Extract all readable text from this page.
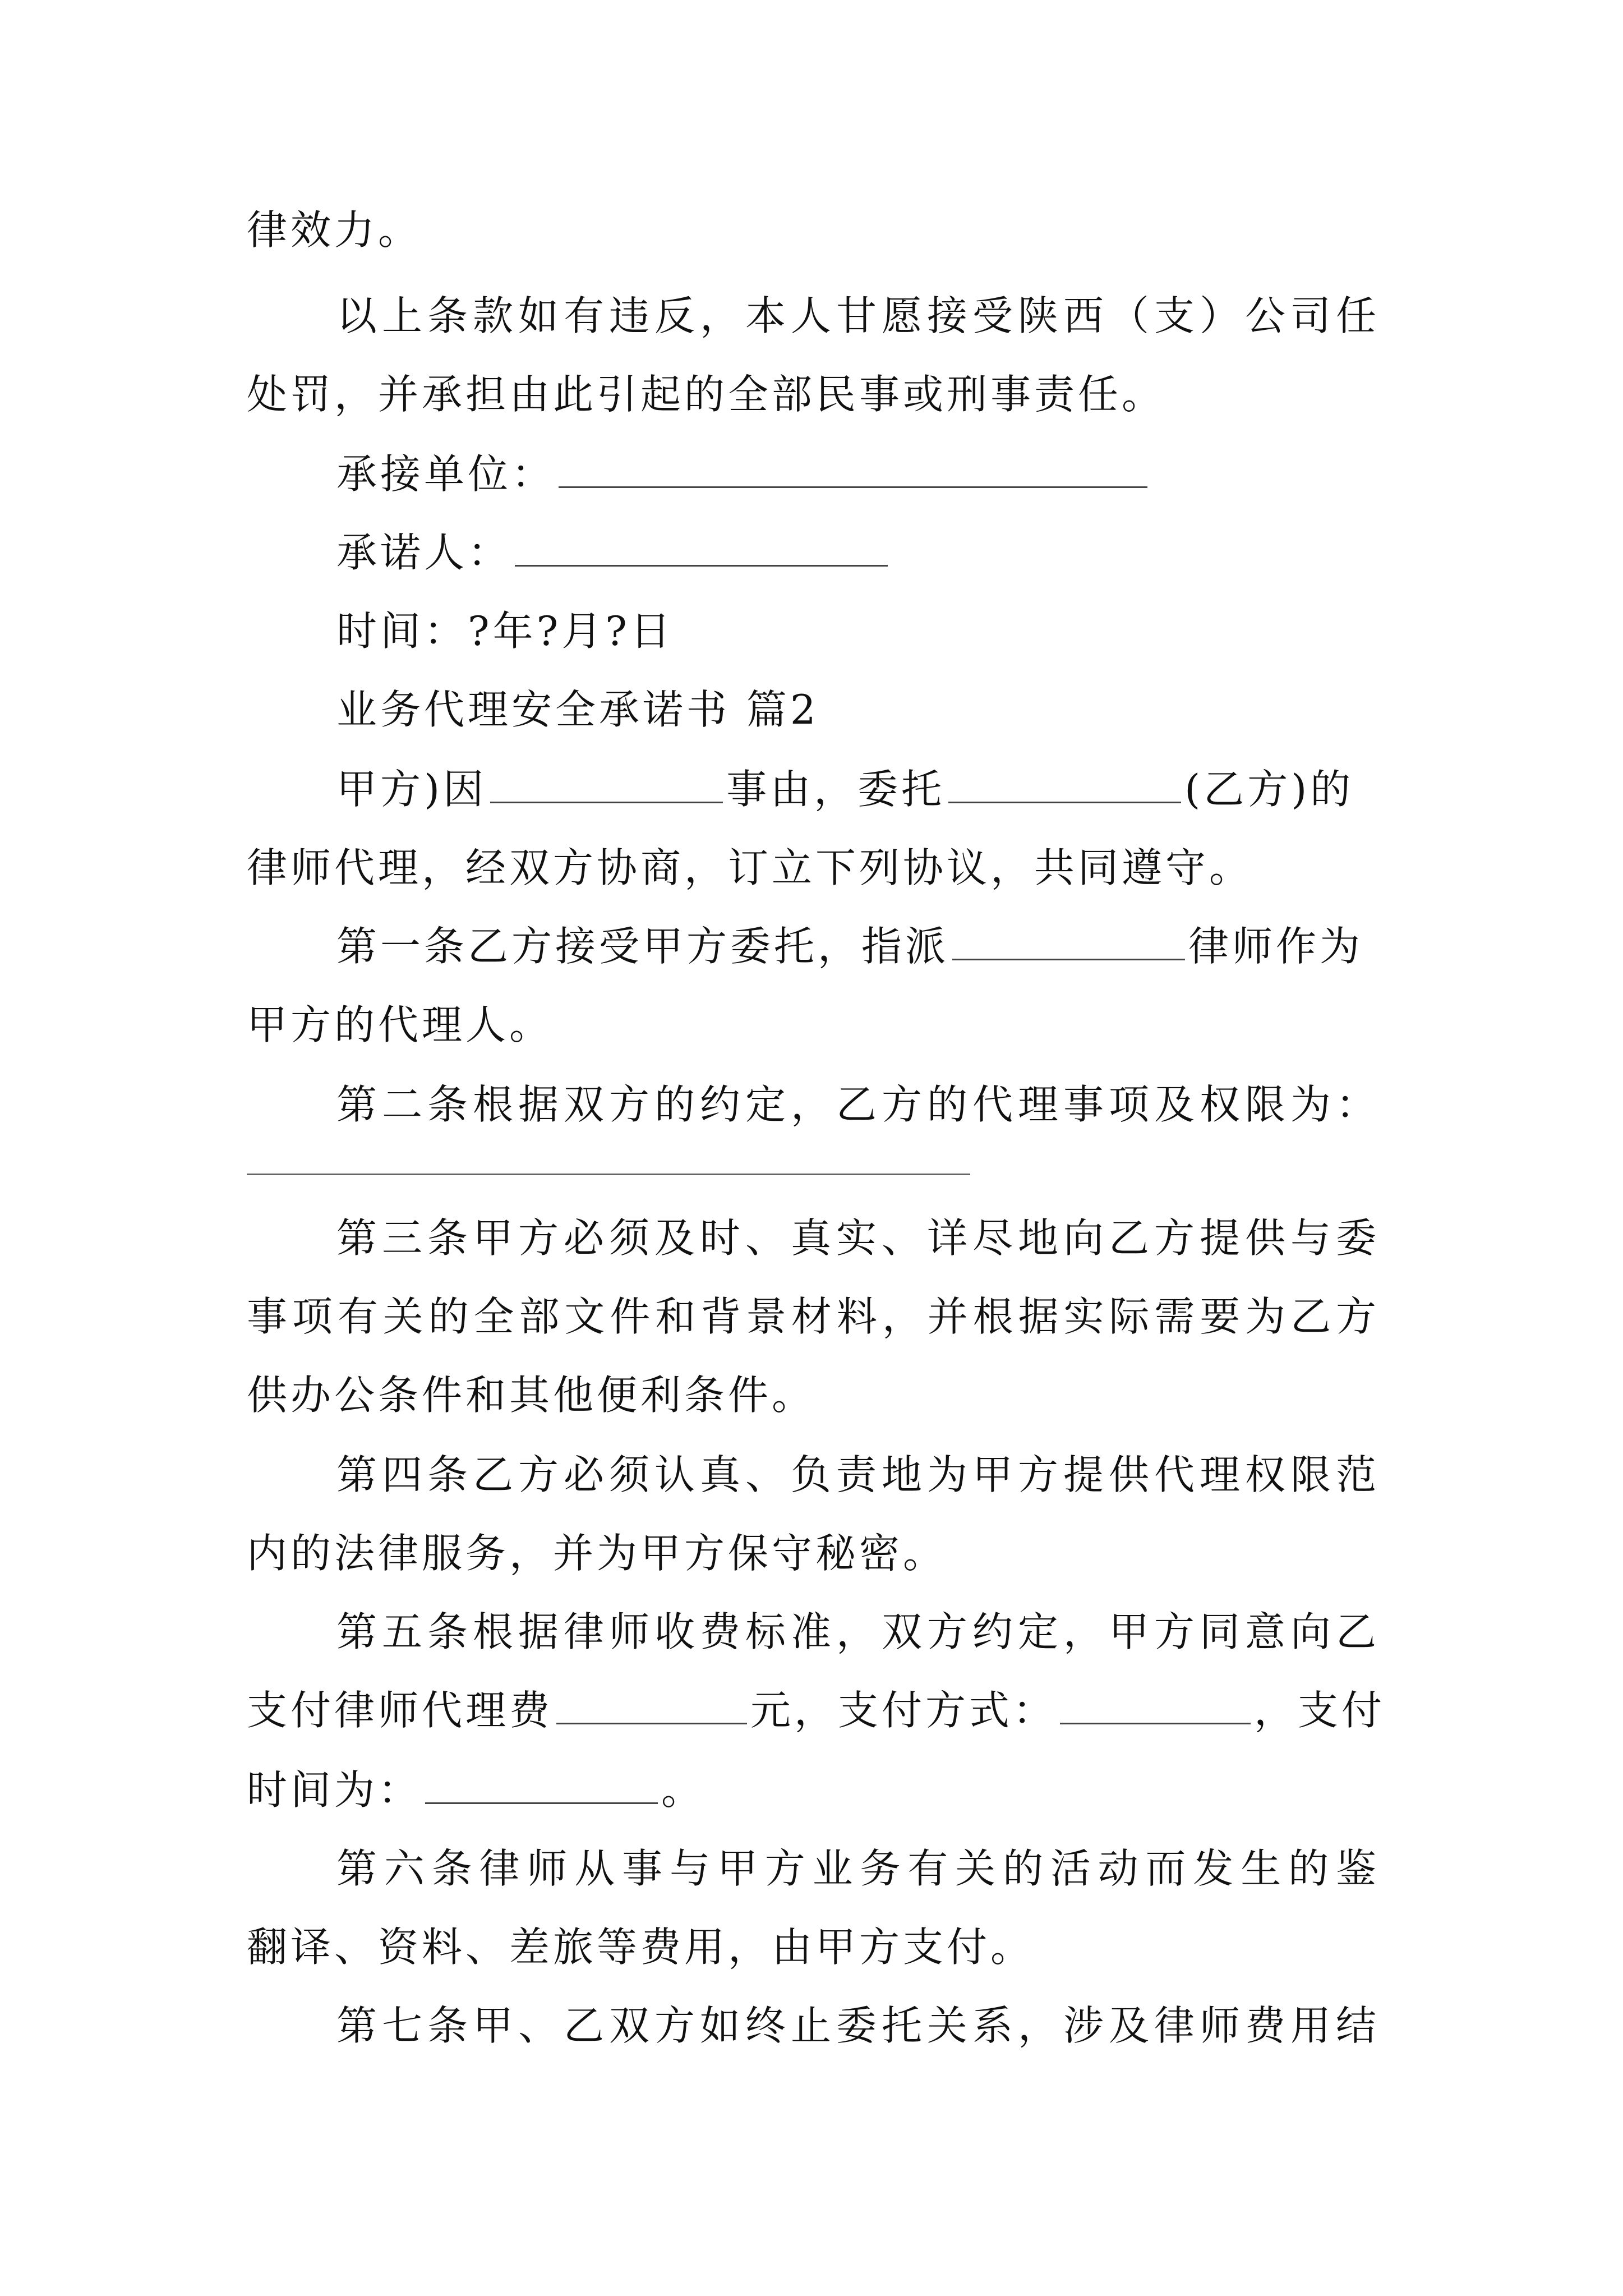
律效力。
以上条款如有违反，本人甘愿接受陕西（支）公司任
处罚，并承担由此引起的全部民事或刑事责任。
承接单位：
承诺人：
时间：?年?月?日
业务代理安全承诺书 篇2
甲方)因	事由，委托	(乙方)的
律师代理，经双方协商，订立下列协议，共同遵守。
第一条乙方接受甲方委托，指派	律师作为
甲方的代理人。
第二条根据双方的约定，乙方的代理事项及权限为：
第三条甲方必须及时、真实、详尽地向乙方提供与委
事项有关的全部文件和背景材料，并根据实际需要为乙方
供办公条件和其他便利条件。
第四条乙方必须认真、负责地为甲方提供代理权限范
内的法律服务，并为甲方保守秘密。
第五条根据律师收费标准，双方约定，甲方同意向乙
支付律师代理费	元，支付方式：	，支付
时间为：	。
第六条律师从事与甲方业务有关的活动而发生的鉴
翻译、资料、差旅等费用，由甲方支付。
第七条甲、乙双方如终止委托关系，涉及律师费用结
